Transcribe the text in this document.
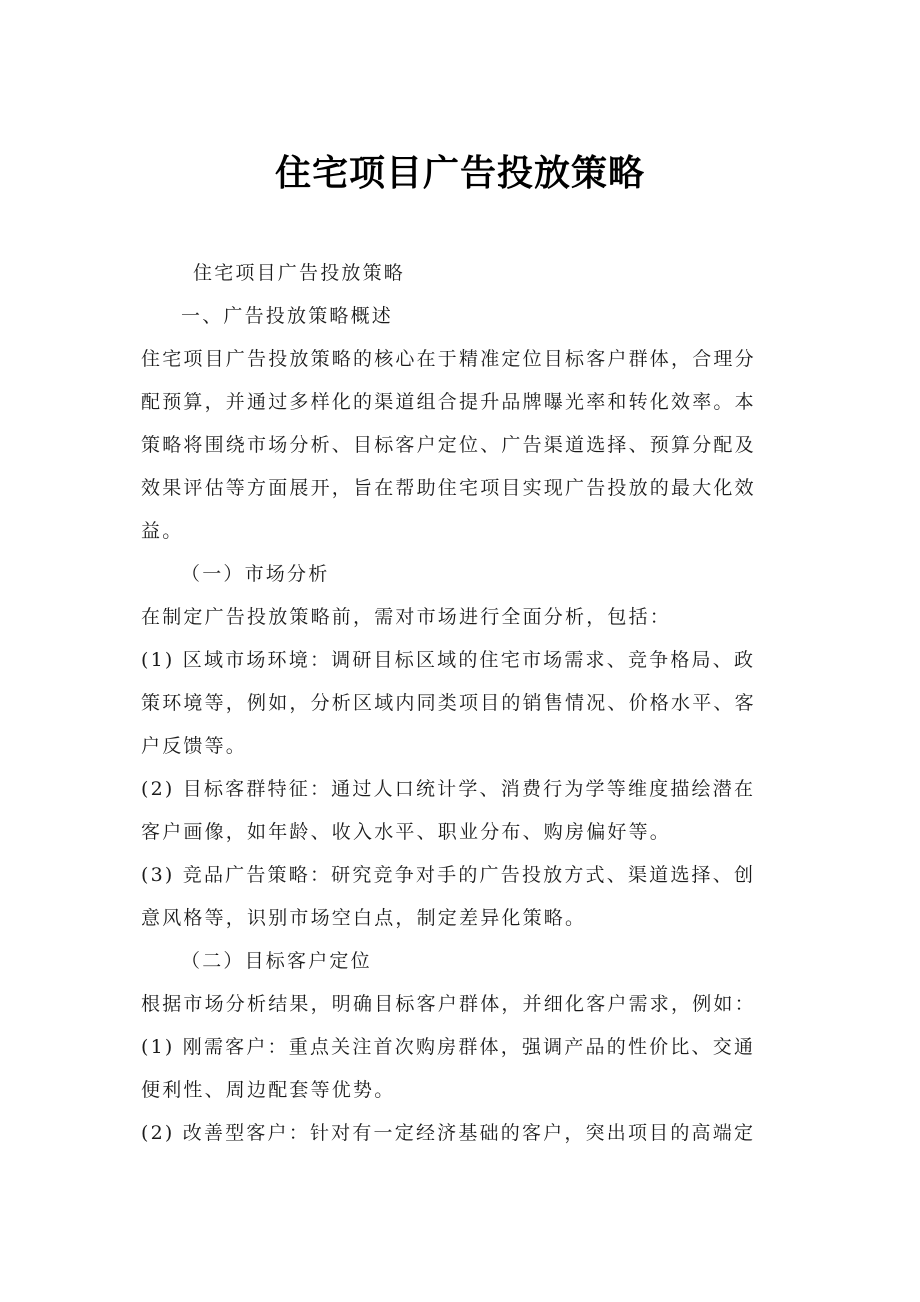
住宅项目广告投放策略
住宅项目广告投放策略
一、广告投放策略概述
住宅项目广告投放策略的核心在于精准定位目标客户群体，合理分
配预算，并通过多样化的渠道组合提升品牌曝光率和转化效率。本
策略将围绕市场分析、目标客户定位、广告渠道选择、预算分配及
效果评估等方面展开，旨在帮助住宅项目实现广告投放的最大化效
益。
（一）市场分析
在制定广告投放策略前，需对市场进行全面分析，包括：
(1) 区域市场环境：调研目标区域的住宅市场需求、竞争格局、政
策环境等，例如，分析区域内同类项目的销售情况、价格水平、客
户反馈等。
(2) 目标客群特征：通过人口统计学、消费行为学等维度描绘潜在
客户画像，如年龄、收入水平、职业分布、购房偏好等。
(3) 竞品广告策略：研究竞争对手的广告投放方式、渠道选择、创
意风格等，识别市场空白点，制定差异化策略。
（二）目标客户定位
根据市场分析结果，明确目标客户群体，并细化客户需求，例如：
(1) 刚需客户：重点关注首次购房群体，强调产品的性价比、交通
便利性、周边配套等优势。
(2) 改善型客户：针对有一定经济基础的客户，突出项目的高端定
